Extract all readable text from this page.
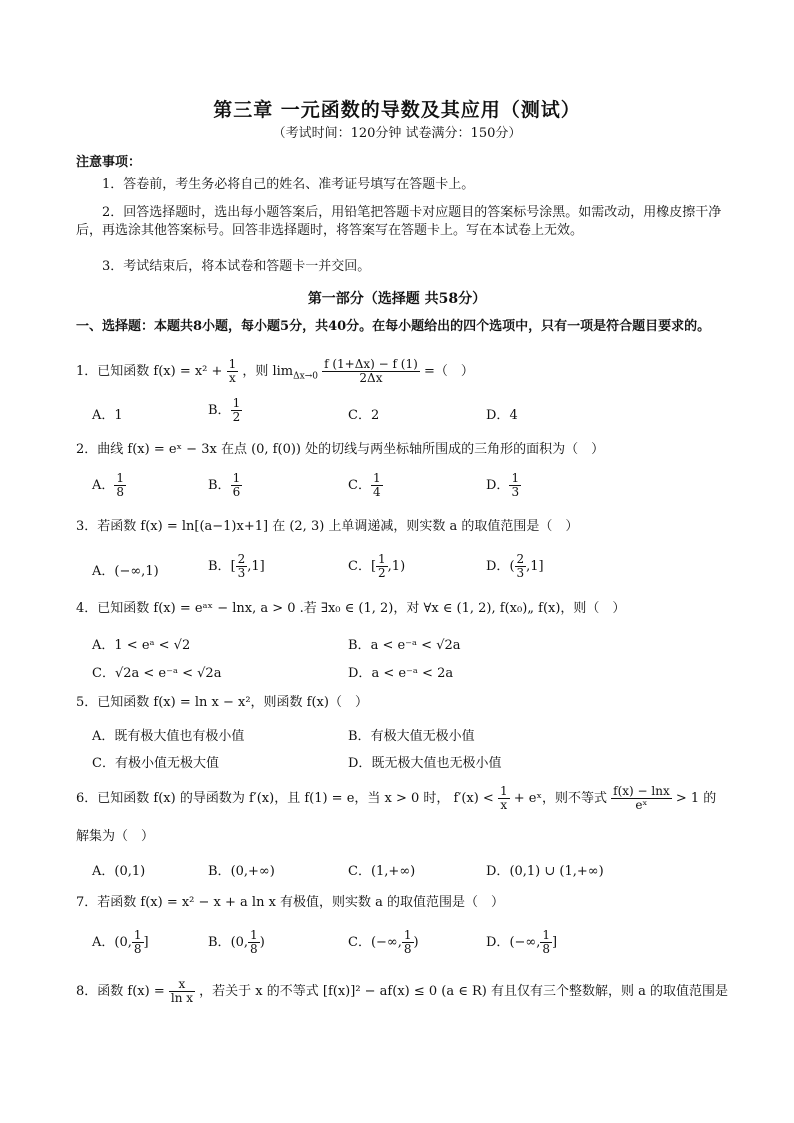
第三章 一元函数的导数及其应用（测试）
（考试时间：120分钟 试卷满分：150分）
注意事项：
1．答卷前，考生务必将自己的姓名、准考证号填写在答题卡上。
2．回答选择题时，选出每小题答案后，用铅笔把答题卡对应题目的答案标号涂黑。如需改动，用橡皮擦干净后，再选涂其他答案标号。回答非选择题时，将答案写在答题卡上。写在本试卷上无效。
3．考试结束后，将本试卷和答题卡一并交回。
第一部分（选择题 共58分）
一、选择题：本题共8小题，每小题5分，共40分。在每小题给出的四个选项中，只有一项是符合题目要求的。
1．已知函数 $f(x) = x^2 + \frac{1}{x}$ ，则 $\lim_{\Delta x\to 0} \frac{f (1+\Delta x) - f (1)}{2\Delta x}$ =（　）
A．1	B． $\frac{1}{2}$	C．2	D．4
2．曲线 f(x) = eˣ − 3x 在点 (0, f(0)) 处的切线与两坐标轴所围成的三角形的面积为（　）
A． $\frac{1}{8}$	B． $\frac{1}{6}$	C． $\frac{1}{4}$	D． $\frac{1}{3}$
3．若函数 f(x) = ln[(a−1)x+1] 在 (2, 3) 上单调递减，则实数 a 的取值范围是（　）
A．(−∞,1)	B．[ $\frac{2}{3} ,1$]	C．[ $\frac{1}{2} ,1$)	D．( $\frac{2}{3} ,1$]
4．已知函数 f(x) = eᵃˣ − lnx, a > 0 .若 ∃x₀ ∈ (1, 2)，对 ∀x ∈ (1, 2), f(x₀)„ f(x)，则（　）
A．1 < eᵃ < √2	B．a < e⁻ᵃ < √2a
C．√2a < e⁻ᵃ < √2a	D．a < e⁻ᵃ < 2a
5．已知函数 f(x) = ln x − x²，则函数 f(x)（　）
A．既有极大值也有极小值	B．有极大值无极小值
C．有极小值无极大值	D．既无极大值也无极小值
6．已知函数 f(x) 的导函数为 f′(x)，且 f(1) = e，当 x > 0 时， $f'(x) < \frac{1}{x}$ + eˣ，则不等式 $\frac{f(x) - \ln x}{\text{eˣ}} > 1$ 的
解集为（　）
A．(0,1)	B．(0,+∞)	C．(1,+∞)	D．(0,1) ∪ (1,+∞)
7．若函数 f(x) = x² − x + a ln x 有极值，则实数 a 的取值范围是（　）
A．(0, $\frac{1}{8}$ ]	B．(0, $\frac{1}{8}$ )	C．(−∞, $\frac{1}{8}$ )	D．(−∞, $\frac{1}{8}$ ]
8．函数 $f(x) = \frac{x}{\text{ln x}}$ ，若关于 x 的不等式 [f(x)]² − af(x) ≤ 0 (a ∈ R) 有且仅有三个整数解，则 a 的取值范围是
